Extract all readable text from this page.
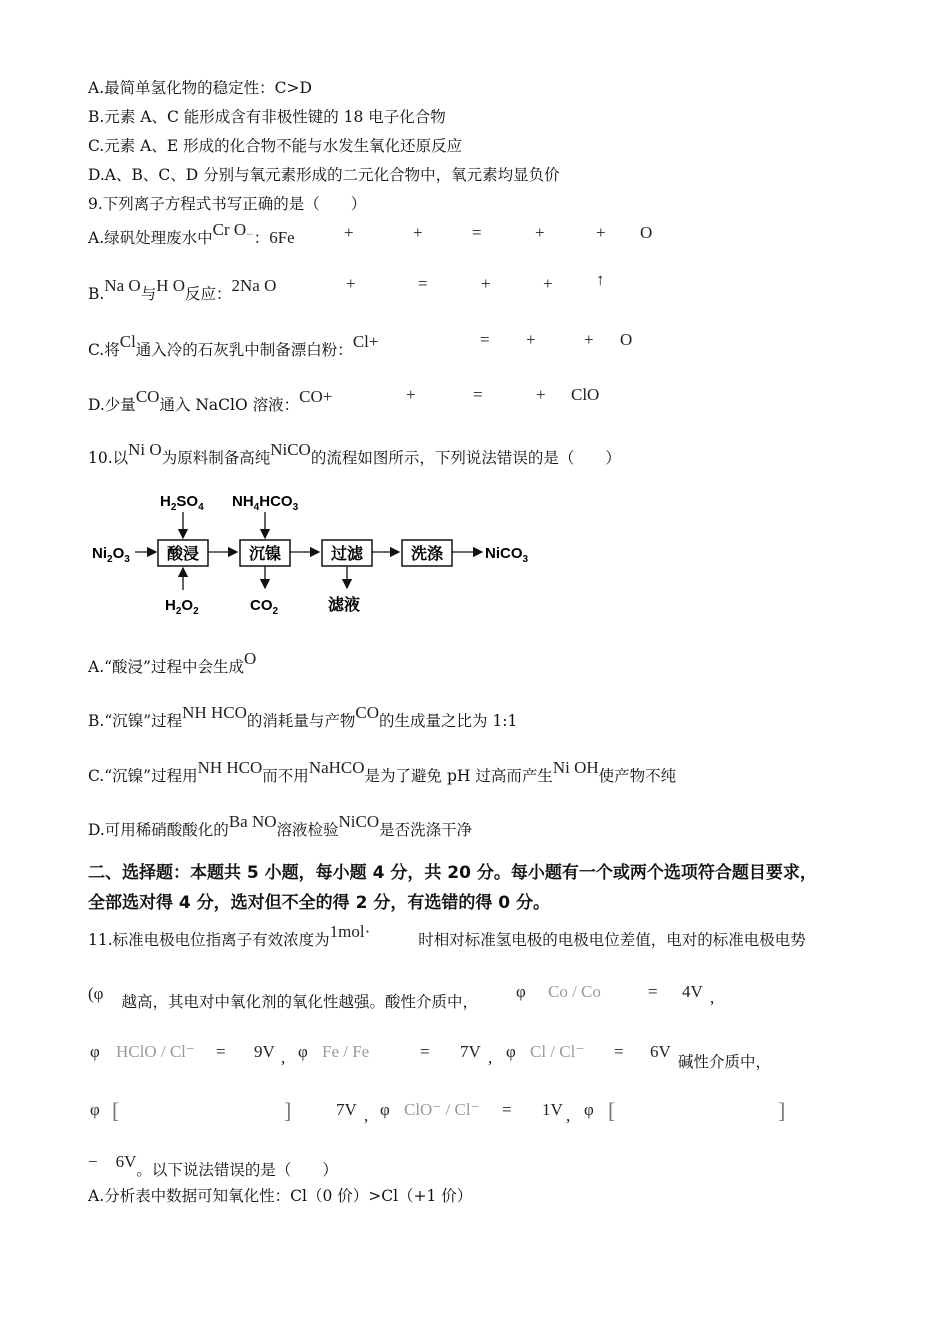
A.最简单氢化物的稳定性：C>D
B.元素 A、C 能形成含有非极性键的 18 电子化合物
C.元素 A、E 形成的化合物不能与水发生氧化还原反应
D.A、B、C、D 分别与氧元素形成的二元化合物中，氧元素均显负价
9.下列离子方程式书写正确的是（　　）
A.绿矾处理废水中Cr O−：6Fe	+	+	=	+	+ O
B.Na O与H O反应：2Na O	+	=	+	+	↑
C.将Cl通入冷的石灰乳中制备漂白粉：Cl+	= +	+ O
D.少量CO通入 NaClO 溶液：CO+	+	=	+ ClO
10.以Ni O为原料制备高纯NiCO的流程如图所示，下列说法错误的是（　　）
$H_2SO_4$ $NH_4HCO_3$
$Ni_2O_3$ 酸浸	沉镍	过滤	洗涤	NiCO$_3$
$H_2O_2$	$CO_2$	滤液
A.“酸浸”过程中会生成O
B.“沉镍”过程NH HCO的消耗量与产物CO的生成量之比为 1:1
C.“沉镍”过程用NH HCO而不用NaHCO是为了避免 pH 过高而产生Ni OH使产物不纯
D.可用稀硝酸酸化的Ba NO溶液检验NiCO是否洗涤干净
二、选择题：本题共 5 小题，每小题 4 分，共 20 分。每小题有一个或两个选项符合题目要求，
全部选对得 4 分，选对但不全的得 2 分，有选错的得 0 分。
11.标准电极电位指离子有效浓度为1mol·	时相对标准氢电极的电极电位差值，电对的标准电极电势
(φ 越高，其电对中氧化剂的氧化性越强。酸性介质中，
φ Co / Co	= 4V ,
φ HClO / Cl⁻ = 9V , φ Fe / Fe	= 7V , φ Cl / Cl⁻ = 6V
碱性介质中，
φ [	]	7V , φ ClO⁻ / Cl⁻ = 1V , φ [	]
− 6V。以下说法错误的是（　　）
A.分析表中数据可知氧化性：Cl（0 价）>Cl（+1 价）
